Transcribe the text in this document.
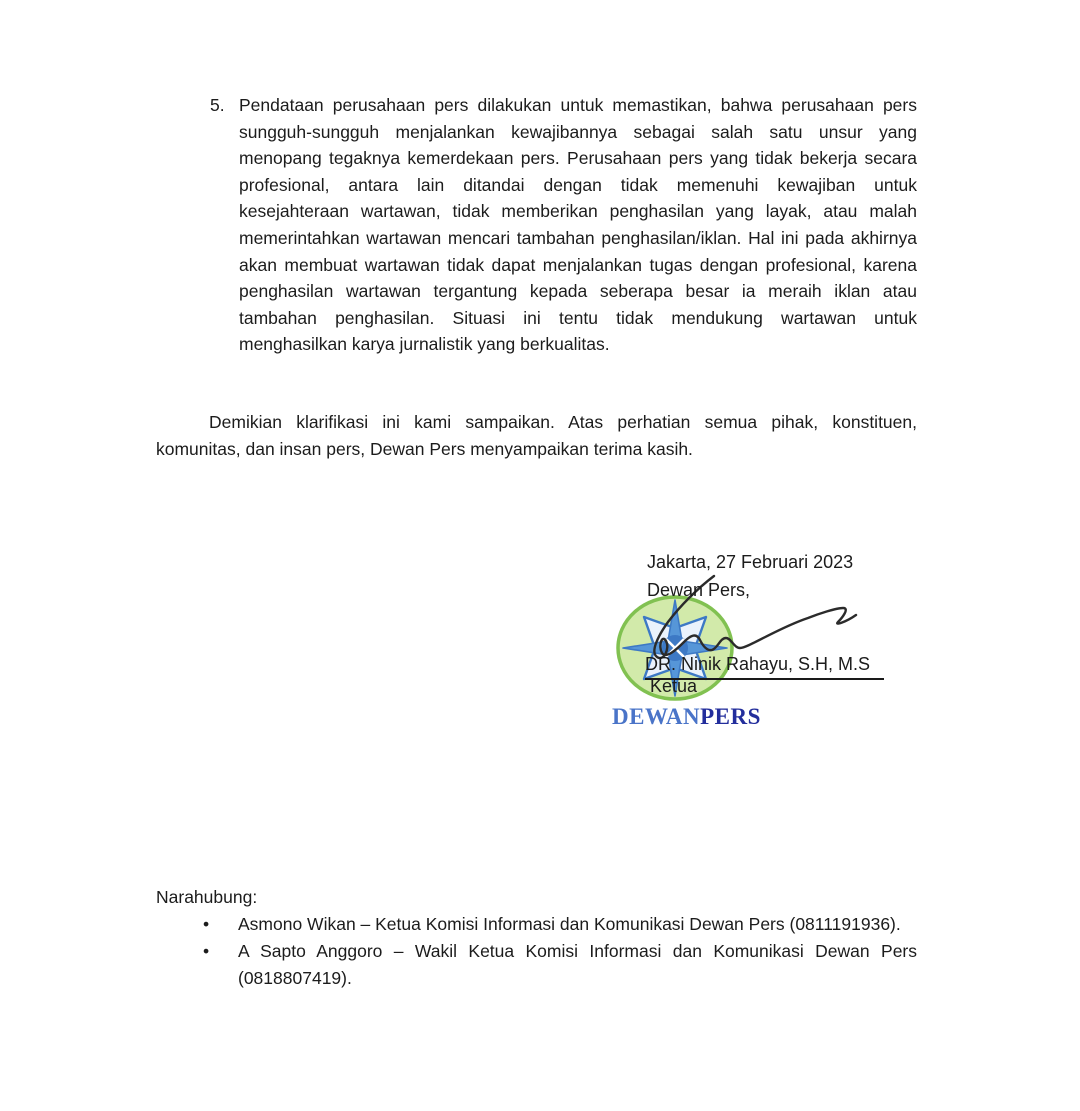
5. Pendataan perusahaan pers dilakukan untuk memastikan, bahwa perusahaan pers sungguh-sungguh menjalankan kewajibannya sebagai salah satu unsur yang menopang tegaknya kemerdekaan pers. Perusahaan pers yang tidak bekerja secara profesional, antara lain ditandai dengan tidak memenuhi kewajiban untuk kesejahteraan wartawan, tidak memberikan penghasilan yang layak, atau malah memerintahkan wartawan mencari tambahan penghasilan/iklan. Hal ini pada akhirnya akan membuat wartawan tidak dapat menjalankan tugas dengan profesional, karena penghasilan wartawan tergantung kepada seberapa besar ia meraih iklan atau tambahan penghasilan. Situasi ini tentu tidak mendukung wartawan untuk menghasilkan karya jurnalistik yang berkualitas.
Demikian klarifikasi ini kami sampaikan. Atas perhatian semua pihak, konstituen, komunitas, dan insan pers, Dewan Pers menyampaikan terima kasih.
Jakarta, 27 Februari 2023
Dewan Pers,
DR. Ninik Rahayu, S.H, M.S
Ketua
DEWANPERS
Narahubung:
•	Asmono Wikan – Ketua Komisi Informasi dan Komunikasi Dewan Pers (0811191936).
•	A Sapto Anggoro – Wakil Ketua Komisi Informasi dan Komunikasi Dewan Pers (0818807419).
